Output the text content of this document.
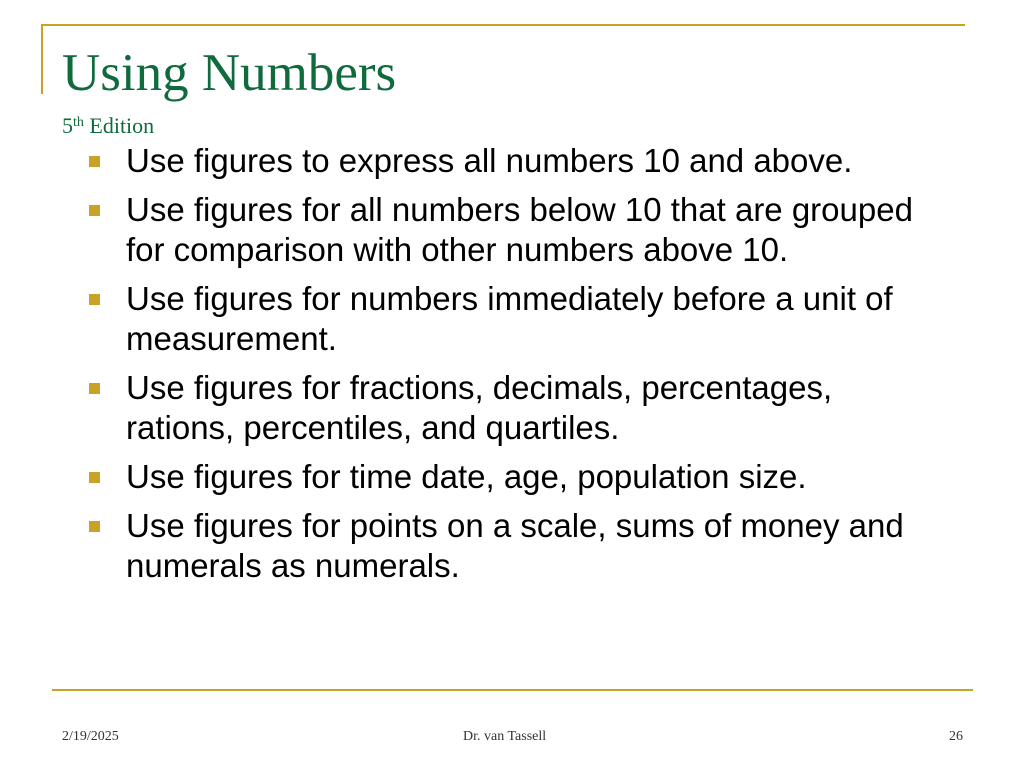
Using Numbers
5th Edition
Use figures to express all numbers 10 and above.
Use figures for all numbers below 10 that are grouped for comparison with other numbers above 10.
Use figures for numbers immediately before a unit of measurement.
Use figures for fractions, decimals, percentages, rations, percentiles, and quartiles.
Use figures for time date, age, population size.
Use figures for points on a scale, sums of money and numerals as numerals.
2/19/2025	Dr. van Tassell	26
